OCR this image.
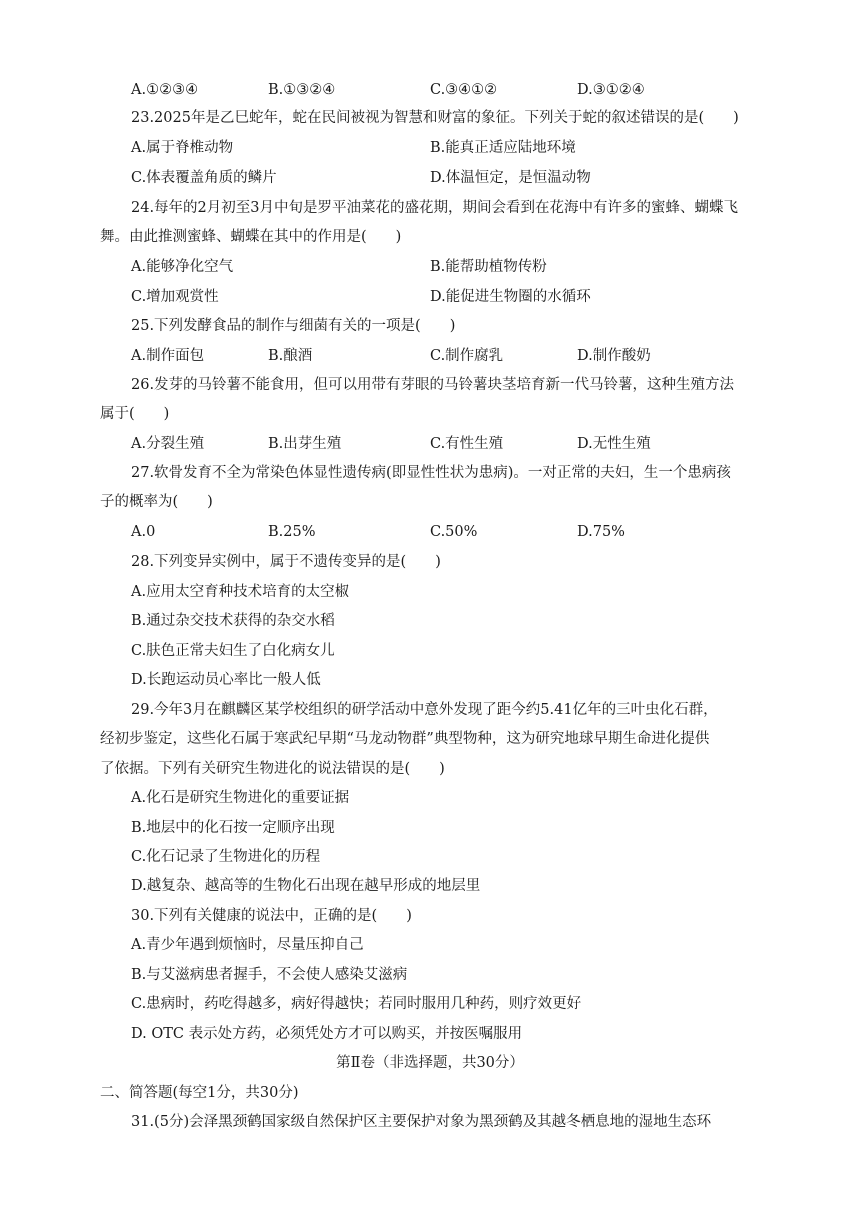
A.①②③④	B.①③②④	C.③④①②	D.③①②④
23.2025年是乙巳蛇年，蛇在民间被视为智慧和财富的象征。下列关于蛇的叙述错误的是(　　)
A.属于脊椎动物	B.能真正适应陆地环境
C.体表覆盖角质的鳞片	D.体温恒定，是恒温动物
24.每年的2月初至3月中旬是罗平油菜花的盛花期，期间会看到在花海中有许多的蜜蜂、蝴蝶飞
舞。由此推测蜜蜂、蝴蝶在其中的作用是(　　)
A.能够净化空气	B.能帮助植物传粉
C.增加观赏性	D.能促进生物圈的水循环
25.下列发酵食品的制作与细菌有关的一项是(　　)
A.制作面包	B.酿酒	C.制作腐乳	D.制作酸奶
26.发芽的马铃薯不能食用，但可以用带有芽眼的马铃薯块茎培育新一代马铃薯，这种生殖方法
属于(　　)
A.分裂生殖	B.出芽生殖	C.有性生殖	D.无性生殖
27.软骨发育不全为常染色体显性遗传病(即显性性状为患病)。一对正常的夫妇，生一个患病孩
子的概率为(　　)
A.0	B.25%	C.50%	D.75%
28.下列变异实例中，属于不遗传变异的是(　　)
A.应用太空育种技术培育的太空椒
B.通过杂交技术获得的杂交水稻
C.肤色正常夫妇生了白化病女儿
D.长跑运动员心率比一般人低
29.今年3月在麒麟区某学校组织的研学活动中意外发现了距今约5.41亿年的三叶虫化石群，
经初步鉴定，这些化石属于寒武纪早期“马龙动物群”典型物种，这为研究地球早期生命进化提供
了依据。下列有关研究生物进化的说法错误的是(　　)
A.化石是研究生物进化的重要证据
B.地层中的化石按一定顺序出现
C.化石记录了生物进化的历程
D.越复杂、越高等的生物化石出现在越早形成的地层里
30.下列有关健康的说法中，正确的是(　　)
A.青少年遇到烦恼时，尽量压抑自己
B.与艾滋病患者握手，不会使人感染艾滋病
C.患病时，药吃得越多，病好得越快；若同时服用几种药，则疗效更好
D. OTC 表示处方药，必须凭处方才可以购买，并按医嘱服用
第Ⅱ卷（非选择题，共30分）
二、简答题(每空1分，共30分)
31.(5分)会泽黑颈鹤国家级自然保护区主要保护对象为黑颈鹤及其越冬栖息地的湿地生态环
